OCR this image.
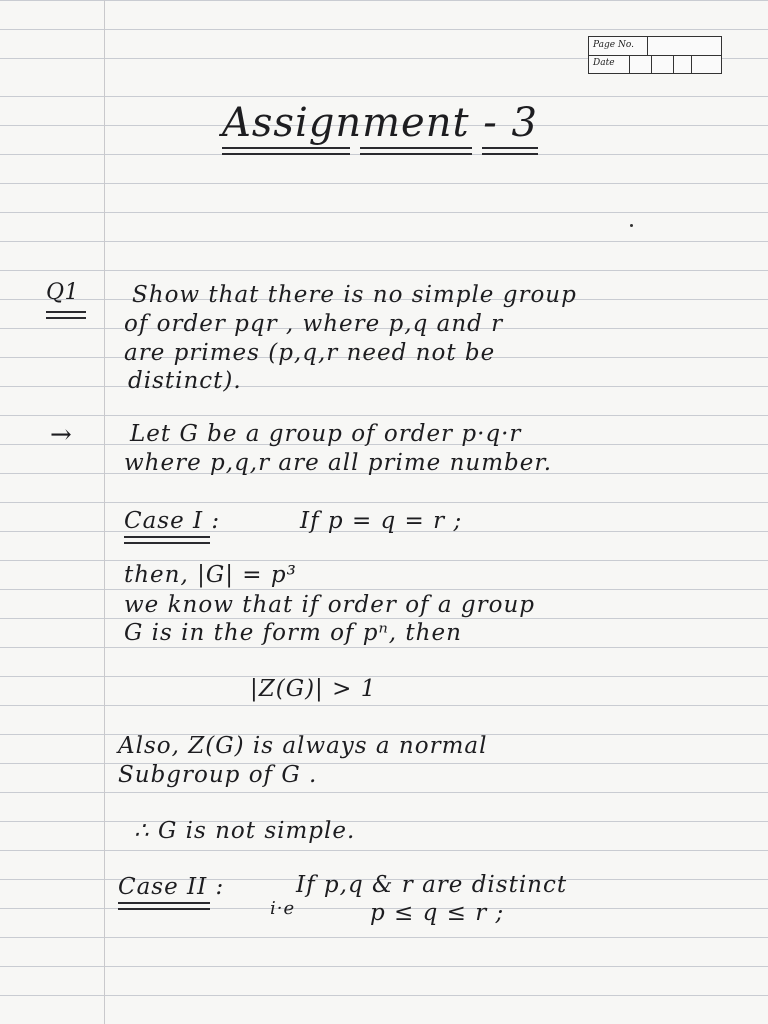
Page No.
Date
Assignment - 3
Q1 Show that there is no simple group
of order pqr , where p,q and r
are primes (p,q,r need not be
distinct).
→	Let G be a group of order p·q·r
where p,q,r are all prime number.
Case I :	If p = q = r ;
then, |G| = p³
we know that if order of a group
G is in the form of pⁿ, then
|Z(G)| > 1
Also, Z(G) is always a normal
Subgroup of G .
∴ G is not simple.
Case II :	If p,q & r are distinct
i·e	p ≤ q ≤ r ;
